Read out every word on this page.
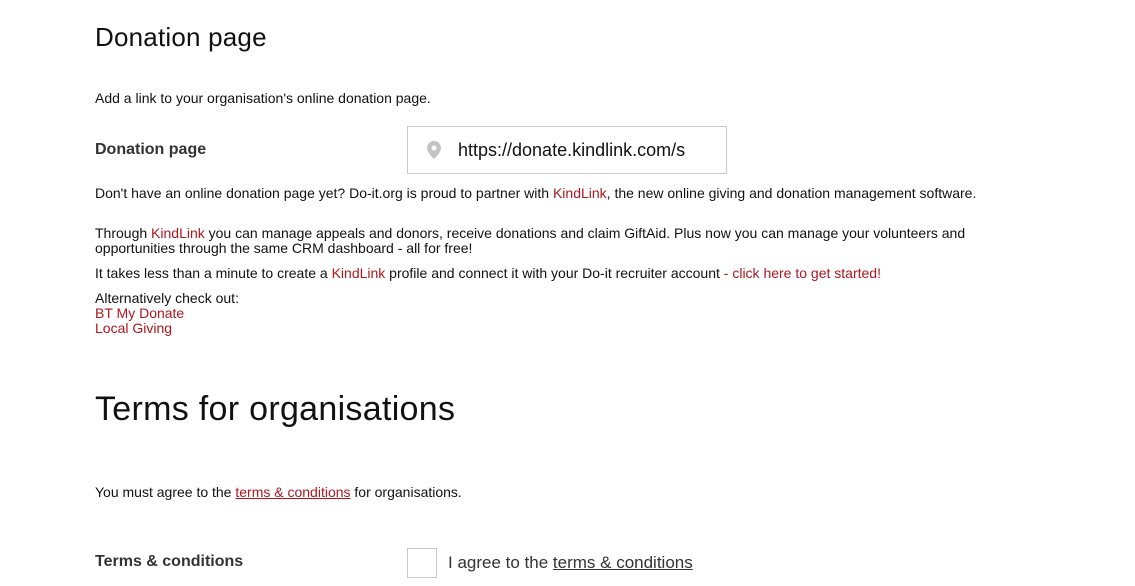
Donation page
Add a link to your organisation's online donation page.
Donation page
https://donate.kindlink.com/s
Don't have an online donation page yet? Do-it.org is proud to partner with KindLink, the new online giving and donation management software.
Through KindLink you can manage appeals and donors, receive donations and claim GiftAid. Plus now you can manage your volunteers and opportunities through the same CRM dashboard - all for free!
It takes less than a minute to create a KindLink profile and connect it with your Do-it recruiter account - click here to get started!
Alternatively check out:
BT My Donate
Local Giving
Terms for organisations
You must agree to the terms & conditions for organisations.
Terms & conditions	I agree to the terms & conditions
